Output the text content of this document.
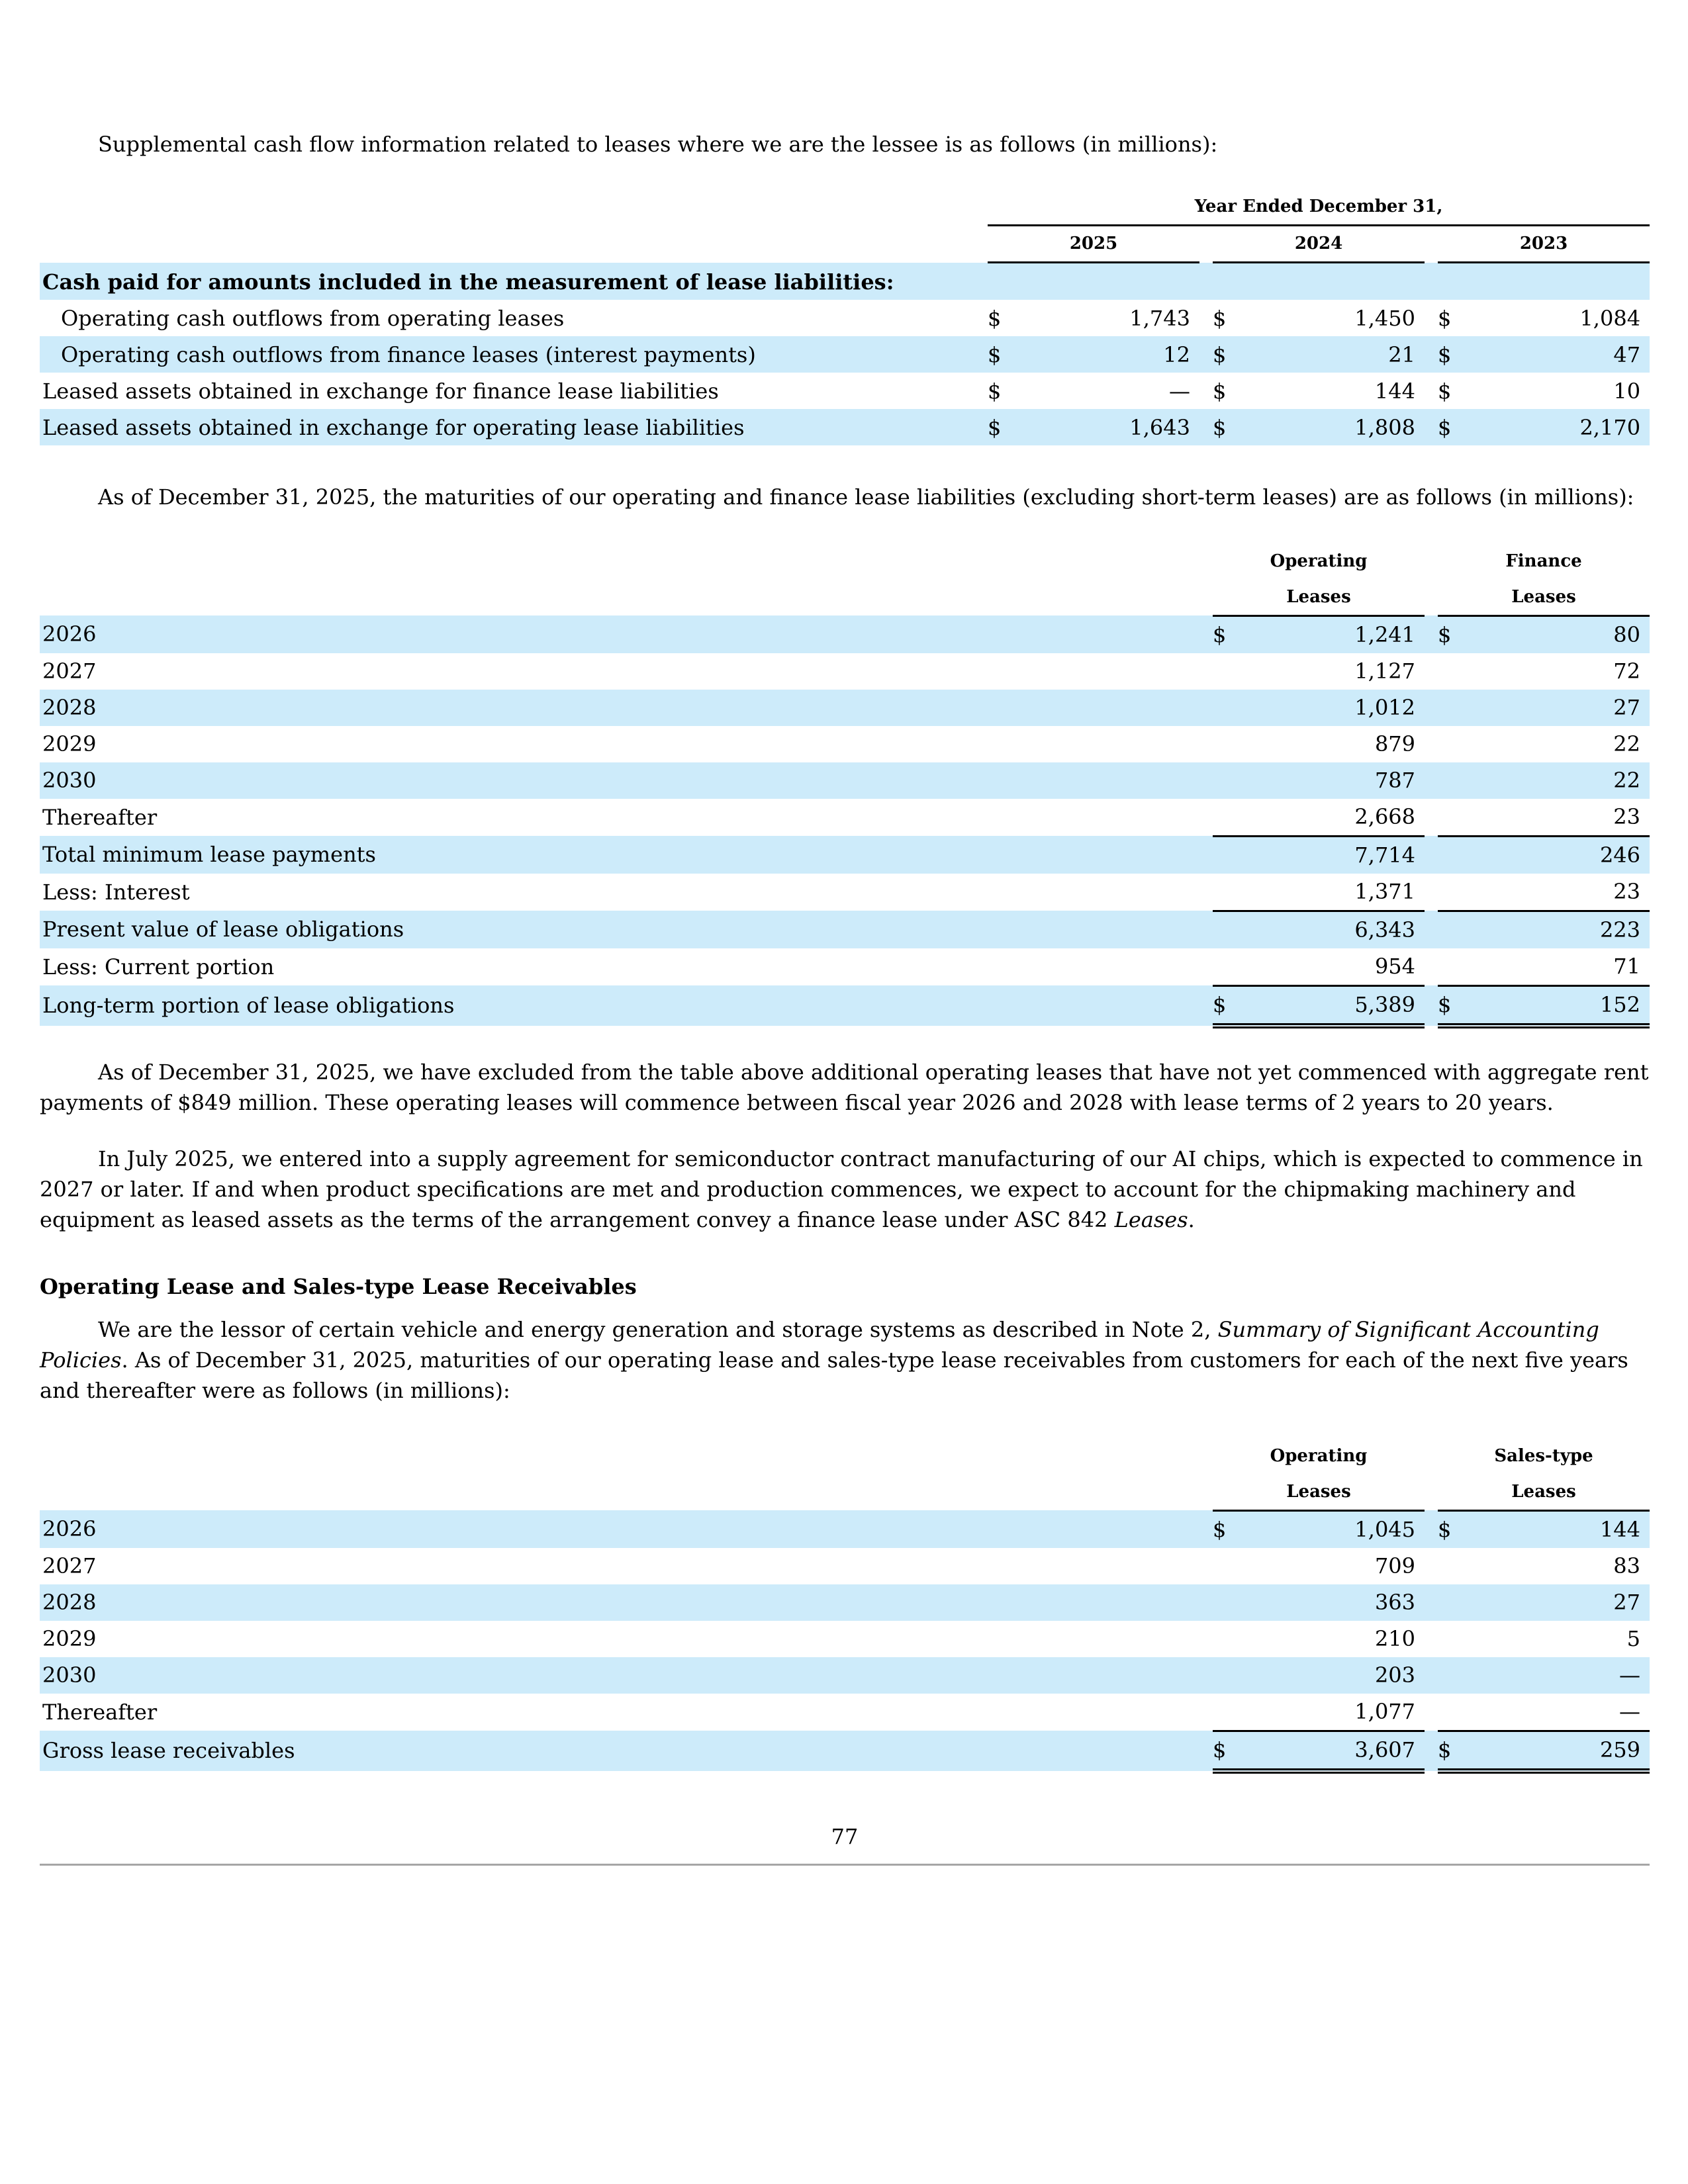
Supplemental cash flow information related to leases where we are the lessee is as follows (in millions):

	Year Ended December 31,							
	2025			2024			2023	
Cash paid for amounts included in the measurement of lease liabilities:								
Operating cash outflows from operating leases	$	1,743		$	1,450		$	1,084
Operating cash outflows from finance leases (interest payments)	$	12		$	21		$	47
Leased assets obtained in exchange for finance lease liabilities	$	—		$	144		$	10
Leased assets obtained in exchange for operating lease liabilities	$	1,643		$	1,808		$	2,170

As of December 31, 2025, the maturities of our operating and finance lease liabilities (excluding short-term leases) are as follows (in millions):

	Operating			Finance	
	Leases			Leases	
2026	$	1,241		$	80
2027		1,127			72
2028		1,012			27
2029		879			22
2030		787			22
Thereafter		2,668			23
Total minimum lease payments		7,714			246
Less: Interest		1,371			23
Present value of lease obligations		6,343			223
Less: Current portion		954			71
Long-term portion of lease obligations	$	5,389		$	152

As of December 31, 2025, we have excluded from the table above additional operating leases that have not yet commenced with aggregate rent payments of $849 million. These operating leases will commence between fiscal year 2026 and 2028 with lease terms of 2 years to 20 years.

In July 2025, we entered into a supply agreement for semiconductor contract manufacturing of our AI chips, which is expected to commence in 2027 or later. If and when product specifications are met and production commences, we expect to account for the chipmaking machinery and equipment as leased assets as the terms of the arrangement convey a finance lease under ASC 842 Leases.

Operating Lease and Sales-type Lease Receivables

We are the lessor of certain vehicle and energy generation and storage systems as described in Note 2, Summary of Significant Accounting Policies. As of December 31, 2025, maturities of our operating lease and sales-type lease receivables from customers for each of the next five years and thereafter were as follows (in millions):

	Operating			Sales-type	
	Leases			Leases	
2026	$	1,045		$	144
2027		709			83
2028		363			27
2029		210			5
2030		203			—
Thereafter		1,077			—
Gross lease receivables	$	3,607		$	259
77
